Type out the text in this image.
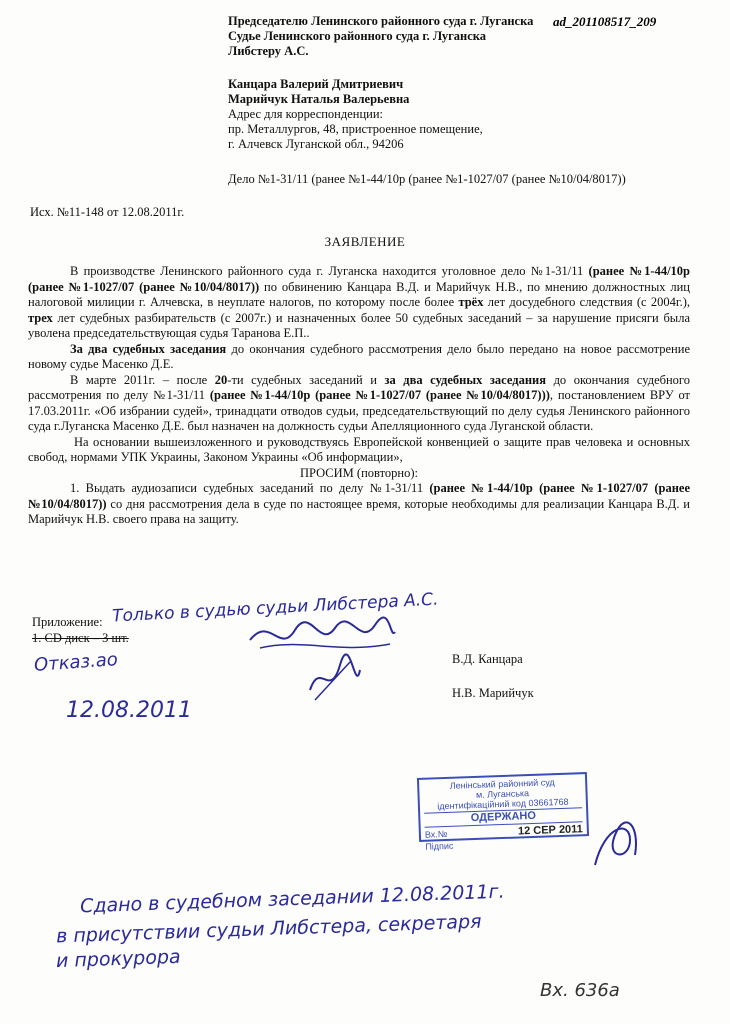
ad_201108517_209
Председателю Ленинского районного суда г. Луганска
Судье Ленинского районного суда г. Луганска
Либстеру А.С.
Канцара Валерий Дмитриевич
Марийчук Наталья Валерьевна
Адрес для корреспонденции:
пр. Металлургов, 48, пристроенное помещение,
г. Алчевск Луганской обл., 94206
Дело №1-31/11 (ранее №1-44/10р (ранее №1-1027/07 (ранее №10/04/8017))
Исх. №11-148 от 12.08.2011г.
ЗАЯВЛЕНИЕ

В производстве Ленинского районного суда г. Луганска находится уголовное дело №1-31/11 (ранее №1-44/10р (ранее №1-1027/07 (ранее №10/04/8017)) по обвинению Канцара В.Д. и Марийчук Н.В., по мнению должностных лиц налоговой милиции г. Алчевска, в неуплате налогов, по которому после более трёх лет досудебного следствия (с 2004г.), трех лет судебных разбирательств (с 2007г.) и назначенных более 50 судебных заседаний – за нарушение присяги была уволена председательствующая судья Таранова Е.П..

За два судебных заседания до окончания судебного рассмотрения дело было передано на новое рассмотрение новому судье Масенко Д.Е.

В марте 2011г. – после 20-ти судебных заседаний и за два судебных заседания до окончания судебного рассмотрения по делу №1-31/11 (ранее №1-44/10р (ранее №1-1027/07 (ранее №10/04/8017))), постановлением ВРУ от 17.03.2011г. «Об избрании судей», тринадцати отводов судьи, председательствующий по делу судья Ленинского районного суда г.Луганска Масенко Д.Е. был назначен на должность судьи Апелляционного суда Луганской области.

На основании вышеизложенного и руководствуясь Европейской конвенцией о защите прав человека и основных свобод, нормами УПК Украины, Законом Украины «Об информации»,

ПРОСИМ (повторно):

1. Выдать аудиозаписи судебных заседаний по делу №1-31/11 (ранее №1-44/10р (ранее №1-1027/07 (ранее №10/04/8017)) со дня рассмотрения дела в суде по настоящее время, которые необходимы для реализации Канцара В.Д. и Марийчук Н.В. своего права на защиту.

Приложение:
1. CD диск – 3 шт.
Только в судью судьи Либстера А.С.
В.Д. Канцара
Н.В. Марийчук
Отказ.ао
12.08.2011
Ленінський районний суд
м. Луганська
ідентифікаційний код 03661768
ОДЕРЖАНО
Вх.№	12 СЕР 2011
Підпис
Сдано в судебном заседании 12.08.2011г.
в присутствии судьи Либстера, секретаря
и прокурора
Вх. 636а
